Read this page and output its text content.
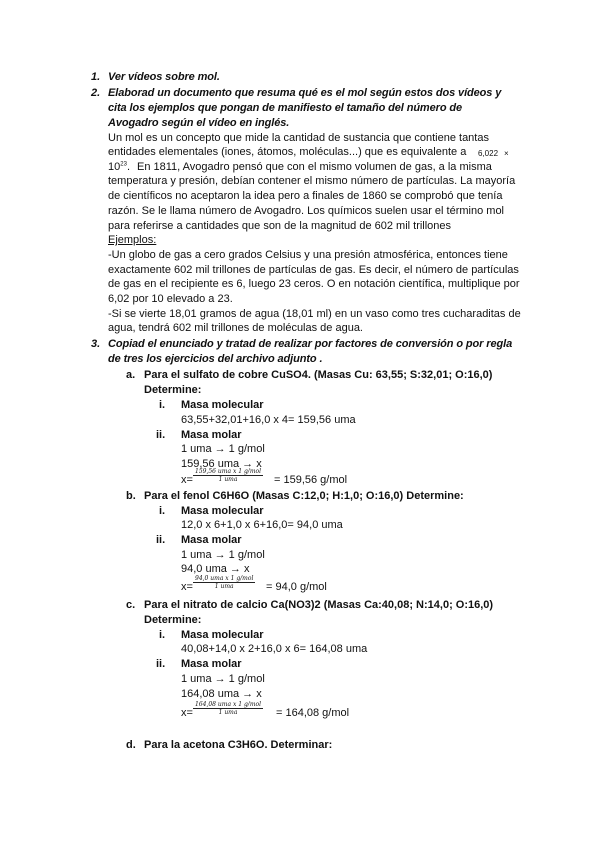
1. Ver vídeos sobre mol.
2. Elaborad un documento que resuma qué es el mol según estos dos vídeos y
cita los ejemplos que pongan de manifiesto el tamaño del número de
Avogadro según el vídeo en inglés.
Un mol es un concepto que mide la cantidad de sustancia que contiene tantas
entidades elementales (iones, átomos, moléculas...) que es equivalente a 6,022 ×
$10^{23}$. En 1811, Avogadro pensó que con el mismo volumen de gas, a la misma
temperatura y presión, debían contener el mismo número de partículas. La mayoría
de científicos no aceptaron la idea pero a finales de 1860 se comprobó que tenía
razón. Se le llama número de Avogadro. Los químicos suelen usar el término mol
para referirse a cantidades que son de la magnitud de 602 mil trillones
Ejemplos:
-Un globo de gas a cero grados Celsius y una presión atmosférica, entonces tiene
exactamente 602 mil trillones de partículas de gas. Es decir, el número de partículas
de gas en el recipiente es 6, luego 23 ceros. O en notación científica, multiplique por
6,02 por 10 elevado a 23.
-Si se vierte 18,01 gramos de agua (18,01 ml) en un vaso como tres cucharaditas de
agua, tendrá 602 mil trillones de moléculas de agua.
3. Copiad el enunciado y tratad de realizar por factores de conversión o por regla
de tres los ejercicios del archivo adjunto .
a. Para el sulfato de cobre CuSO4. (Masas Cu: 63,55; S:32,01; O:16,0)
Determine:
i. Masa molecular
63,55+32,01+16,0 x 4= 159,56 uma
ii. Masa molar
1 uma → 1 g/mol
159,56 uma → x
x=
159,56 uma x 1 g/mol
1 uma	= 159,56 g/mol
b. Para el fenol C6H6O (Masas C:12,0; H:1,0; O:16,0) Determine:
i. Masa molecular
12,0 x 6+1,0 x 6+16,0= 94,0 uma
ii. Masa molar
1 uma → 1 g/mol
94,0 uma → x
x=
94,0 uma x 1 g/mol
1 uma	= 94,0 g/mol
c. Para el nitrato de calcio Ca(NO3)2 (Masas Ca:40,08; N:14,0; O:16,0)
Determine:
i. Masa molecular
40,08+14,0 x 2+16,0 x 6= 164,08 uma
ii. Masa molar
1 uma → 1 g/mol
164,08 uma → x
x=
164,08 uma x 1 g/mol
1 uma	= 164,08 g/mol
d. Para la acetona C3H6O. Determinar:
